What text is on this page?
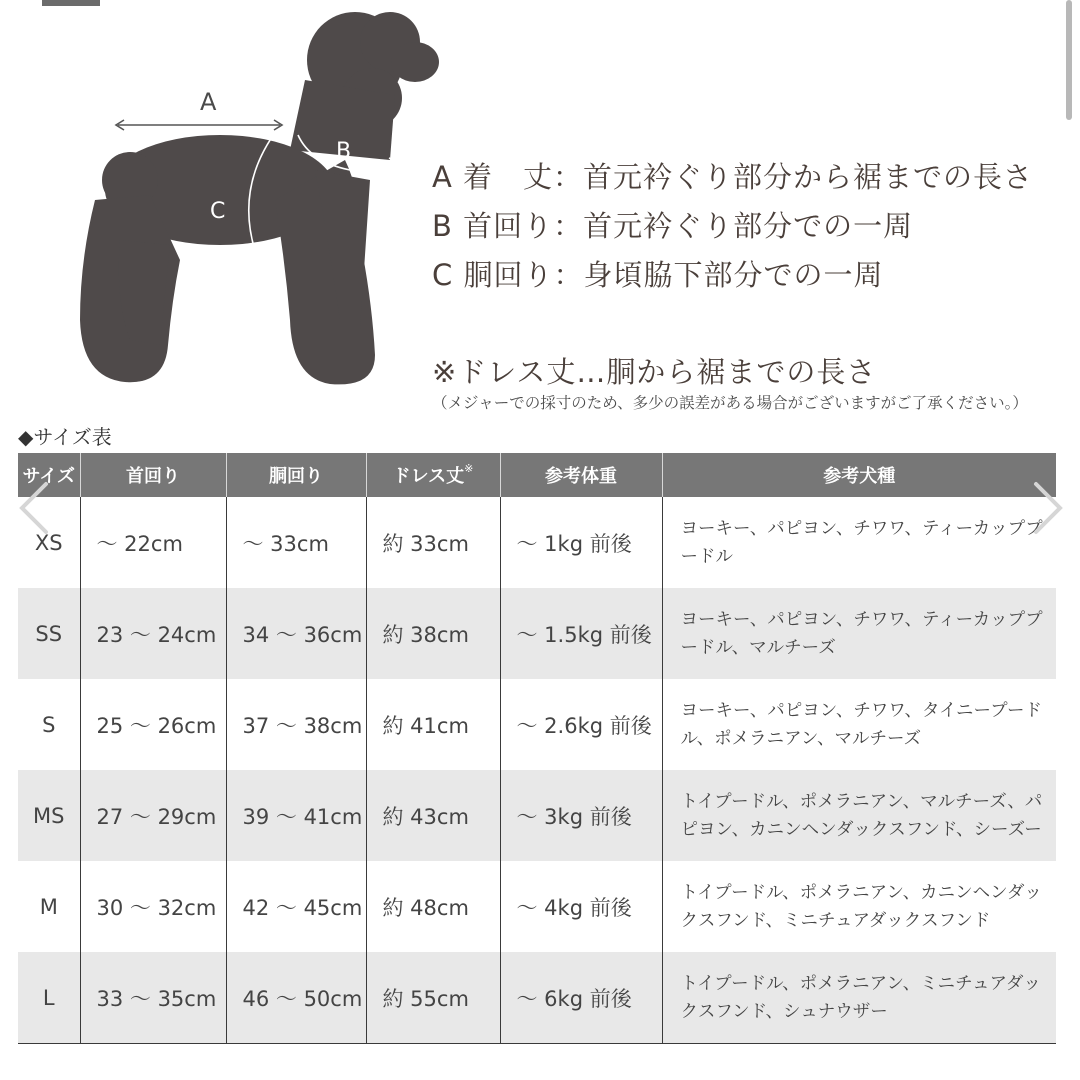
A
B
C
A 着　丈：首元衿ぐり部分から裾までの長さ
B 首回り：首元衿ぐり部分での一周
C 胴回り：身頃脇下部分での一周
※ドレス丈…胴から裾までの長さ
（メジャーでの採寸のため、多少の誤差がある場合がございますがご了承ください。）
◆サイズ表
サイズ	首回り	胴回り	ドレス丈※	参考体重	参考犬種
XS	～ 22cm	～ 33cm	約 33cm	～ 1kg 前後	ヨーキー、パピヨン、チワワ、ティーカッププードル
SS	23 ～ 24cm	34 ～ 36cm	約 38cm	～ 1.5kg 前後	ヨーキー、パピヨン、チワワ、ティーカッププードル、マルチーズ
S	25 ～ 26cm	37 ～ 38cm	約 41cm	～ 2.6kg 前後	ヨーキー、パピヨン、チワワ、タイニープードル、ポメラニアン、マルチーズ
MS	27 ～ 29cm	39 ～ 41cm	約 43cm	～ 3kg 前後	トイプードル、ポメラニアン、マルチーズ、パピヨン、カニンヘンダックスフンド、シーズー
M	30 ～ 32cm	42 ～ 45cm	約 48cm	～ 4kg 前後	トイプードル、ポメラニアン、カニンヘンダックスフンド、ミニチュアダックスフンド
L	33 ～ 35cm	46 ～ 50cm	約 55cm	～ 6kg 前後	トイプードル、ポメラニアン、ミニチュアダックスフンド、シュナウザー
